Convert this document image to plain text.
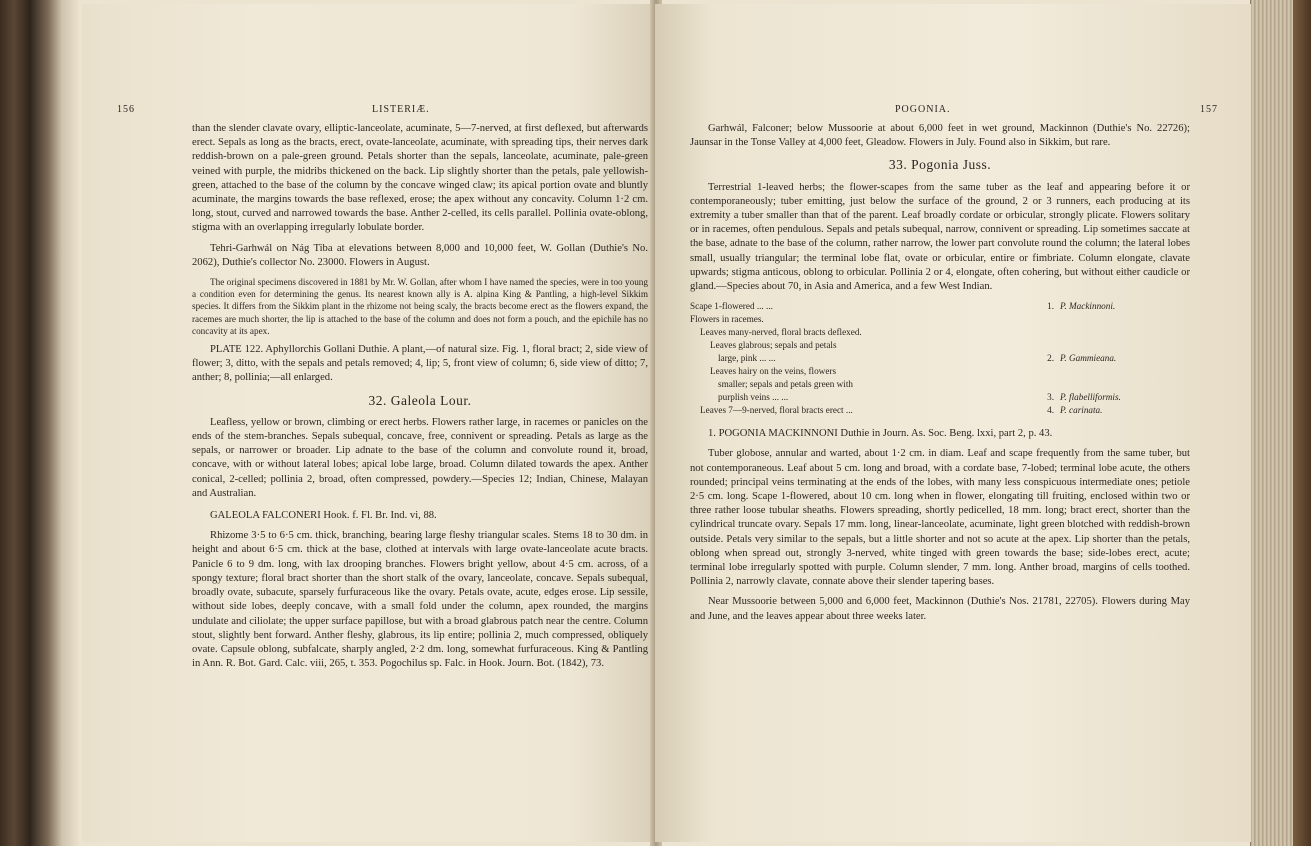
156	LISTERIÆ.

than the slender clavate ovary, elliptic-lanceolate, acuminate, 5—7-nerved, at first deflexed, but afterwards erect. Sepals as long as the bracts, erect, ovate-lanceolate, acuminate, with spreading tips, their nerves dark reddish-brown on a pale-green ground. Petals shorter than the sepals, lanceolate, acuminate, pale-green veined with purple, the midribs thickened on the back. Lip slightly shorter than the petals, pale yellowish-green, attached to the base of the column by the concave winged claw; its apical portion ovate and bluntly acuminate, the margins towards the base reflexed, erose; the apex without any concavity. Column 1·2 cm. long, stout, curved and narrowed towards the base. Anther 2-celled, its cells parallel. Pollinia ovate-oblong, stigma with an overlapping irregularly lobulate border.

Tehri-Garhwál on Nág Tiba at elevations between 8,000 and 10,000 feet, W. Gollan (Duthie's No. 2062), Duthie's collector No. 23000. Flowers in August.

The original specimens discovered in 1881 by Mr. W. Gollan, after whom I have named the species, were in too young a condition even for determining the genus. Its nearest known ally is A. alpina King & Pantling, a high-level Sikkim species. It differs from the Sikkim plant in the rhizome not being scaly, the bracts become erect as the flowers expand, the racemes are much shorter, the lip is attached to the base of the column and does not form a pouch, and the epichile has no concavity at its apex.

PLATE 122. Aphyllorchis Gollani Duthie. A plant,—of natural size. Fig. 1, floral bract; 2, side view of flower; 3, ditto, with the sepals and petals removed; 4, lip; 5, front view of column; 6, side view of ditto; 7, anther; 8, pollinia;—all enlarged.

32. Galeola Lour.

Leafless, yellow or brown, climbing or erect herbs. Flowers rather large, in racemes or panicles on the ends of the stem-branches. Sepals subequal, concave, free, connivent or spreading. Petals as large as the sepals, or narrower or broader. Lip adnate to the base of the column and convolute round it, broad, concave, with or without lateral lobes; apical lobe large, broad. Column dilated towards the apex. Anther conical, 2-celled; pollinia 2, broad, often compressed, powdery.—Species 12; Indian, Chinese, Malayan and Australian.

GALEOLA FALCONERI Hook. f. Fl. Br. Ind. vi, 88.

Rhizome 3·5 to 6·5 cm. thick, branching, bearing large fleshy triangular scales. Stems 18 to 30 dm. in height and about 6·5 cm. thick at the base, clothed at intervals with large ovate-lanceolate acute bracts. Panicle 6 to 9 dm. long, with lax drooping branches. Flowers bright yellow, about 4·5 cm. across, of a spongy texture; floral bract shorter than the short stalk of the ovary, lanceolate, concave. Sepals subequal, broadly ovate, subacute, sparsely furfuraceous like the ovary. Petals ovate, acute, edges erose. Lip sessile, without side lobes, deeply concave, with a small fold under the column, apex rounded, the margins undulate and ciliolate; the upper surface papillose, but with a broad glabrous patch near the centre. Column stout, slightly bent forward. Anther fleshy, glabrous, its lip entire; pollinia 2, much compressed, obliquely ovate. Capsule oblong, subfalcate, sharply angled, 2·2 dm. long, somewhat furfuraceous. King & Pantling in Ann. R. Bot. Gard. Calc. viii, 265, t. 353. Pogochilus sp. Falc. in Hook. Journ. Bot. (1842), 73.

POGONIA.	157

Garhwál, Falconer; below Mussoorie at about 6,000 feet in wet ground, Mackinnon (Duthie's No. 22726); Jaunsar in the Tonse Valley at 4,000 feet, Gleadow. Flowers in July. Found also in Sikkim, but rare.

33. Pogonia Juss.

Terrestrial 1-leaved herbs; the flower-scapes from the same tuber as the leaf and appearing before it or contemporaneously; tuber emitting, just below the surface of the ground, 2 or 3 runners, each producing at its extremity a tuber smaller than that of the parent. Leaf broadly cordate or orbicular, strongly plicate. Flowers solitary or in racemes, often pendulous. Sepals and petals subequal, narrow, connivent or spreading. Lip sometimes saccate at the base, adnate to the base of the column, rather narrow, the lower part convolute round the column; the lateral lobes small, usually triangular; the terminal lobe flat, ovate or orbicular, entire or fimbriate. Column elongate, clavate upwards; stigma anticous, oblong to orbicular. Pollinia 2 or 4, elongate, often cohering, but without either caudicle or gland.—Species about 70, in Asia and America, and a few West Indian.

Scape 1-flowered ... ...	1. P. Mackinnoni.
Flowers in racemes.
Leaves many-nerved, floral bracts deflexed.
Leaves glabrous; sepals and petals
large, pink ... ...	2. P. Gammieana.
Leaves hairy on the veins, flowers
smaller; sepals and petals green with
purplish veins ... ...	3. P. flabelliformis.
Leaves 7—9-nerved, floral bracts erect ...	4. P. carinata.

1. POGONIA MACKINNONI Duthie in Journ. As. Soc. Beng. lxxi, part 2, p. 43.

Tuber globose, annular and warted, about 1·2 cm. in diam. Leaf and scape frequently from the same tuber, but not contemporaneous. Leaf about 5 cm. long and broad, with a cordate base, 7-lobed; terminal lobe acute, the others rounded; principal veins terminating at the ends of the lobes, with many less conspicuous intermediate ones; petiole 2·5 cm. long. Scape 1-flowered, about 10 cm. long when in flower, elongating till fruiting, enclosed within two or three rather loose tubular sheaths. Flowers spreading, shortly pedicelled, 18 mm. long; bract erect, shorter than the cylindrical truncate ovary. Sepals 17 mm. long, linear-lanceolate, acuminate, light green blotched with reddish-brown outside. Petals very similar to the sepals, but a little shorter and not so acute at the apex. Lip shorter than the petals, oblong when spread out, strongly 3-nerved, white tinged with green towards the base; side-lobes erect, acute; terminal lobe irregularly spotted with purple. Column slender, 7 mm. long. Anther broad, margins of cells toothed. Pollinia 2, narrowly clavate, connate above their slender tapering bases.

Near Mussoorie between 5,000 and 6,000 feet, Mackinnon (Duthie's Nos. 21781, 22705). Flowers during May and June, and the leaves appear about three weeks later.
